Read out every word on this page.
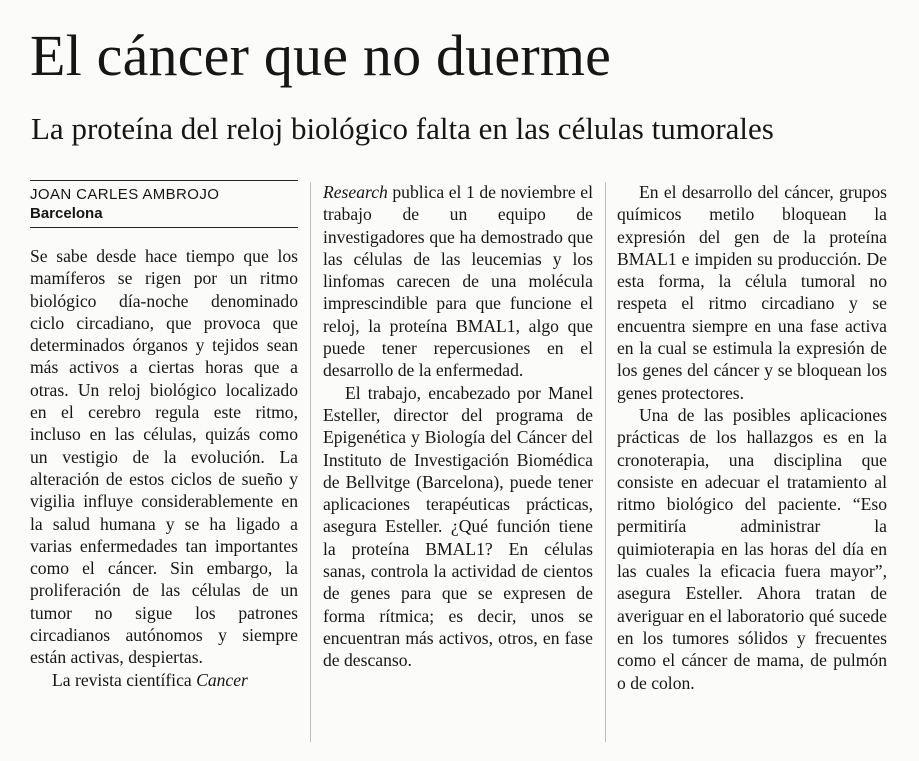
El cáncer que no duerme
La proteína del reloj biológico falta en las células tumorales
JOAN CARLES AMBROJO
Barcelona

Se sabe desde hace tiempo que los mamíferos se rigen por un ritmo biológico día-noche denominado ciclo circadiano, que provoca que determinados órganos y tejidos sean más activos a ciertas horas que a otras. Un reloj biológico localizado en el cerebro regula este ritmo, incluso en las células, quizás como un vestigio de la evolución. La alteración de estos ciclos de sueño y vigilia influye considerablemente en la salud humana y se ha ligado a varias enfermedades tan importantes como el cáncer. Sin embargo, la proliferación de las células de un tumor no sigue los patrones circadianos autónomos y siempre están activas, despiertas.

La revista científica Cancer

Research publica el 1 de noviembre el trabajo de un equipo de investigadores que ha demostrado que las células de las leucemias y los linfomas carecen de una molécula imprescindible para que funcione el reloj, la proteína BMAL1, algo que puede tener repercusiones en el desarrollo de la enfermedad.

El trabajo, encabezado por Manel Esteller, director del programa de Epigenética y Biología del Cáncer del Instituto de Investigación Biomédica de Bellvitge (Barcelona), puede tener aplicaciones terapéuticas prácticas, asegura Esteller. ¿Qué función tiene la proteína BMAL1? En células sanas, controla la actividad de cientos de genes para que se expresen de forma rítmica; es decir, unos se encuentran más activos, otros, en fase de descanso.

En el desarrollo del cáncer, grupos químicos metilo bloquean la expresión del gen de la proteína BMAL1 e impiden su producción. De esta forma, la célula tumoral no respeta el ritmo circadiano y se encuentra siempre en una fase activa en la cual se estimula la expresión de los genes del cáncer y se bloquean los genes protectores.

Una de las posibles aplicaciones prácticas de los hallazgos es en la cronoterapia, una disciplina que consiste en adecuar el tratamiento al ritmo biológico del paciente. “Eso permitiría administrar la quimioterapia en las horas del día en las cuales la eficacia fuera mayor”, asegura Esteller. Ahora tratan de averiguar en el laboratorio qué sucede en los tumores sólidos y frecuentes como el cáncer de mama, de pulmón o de colon.
